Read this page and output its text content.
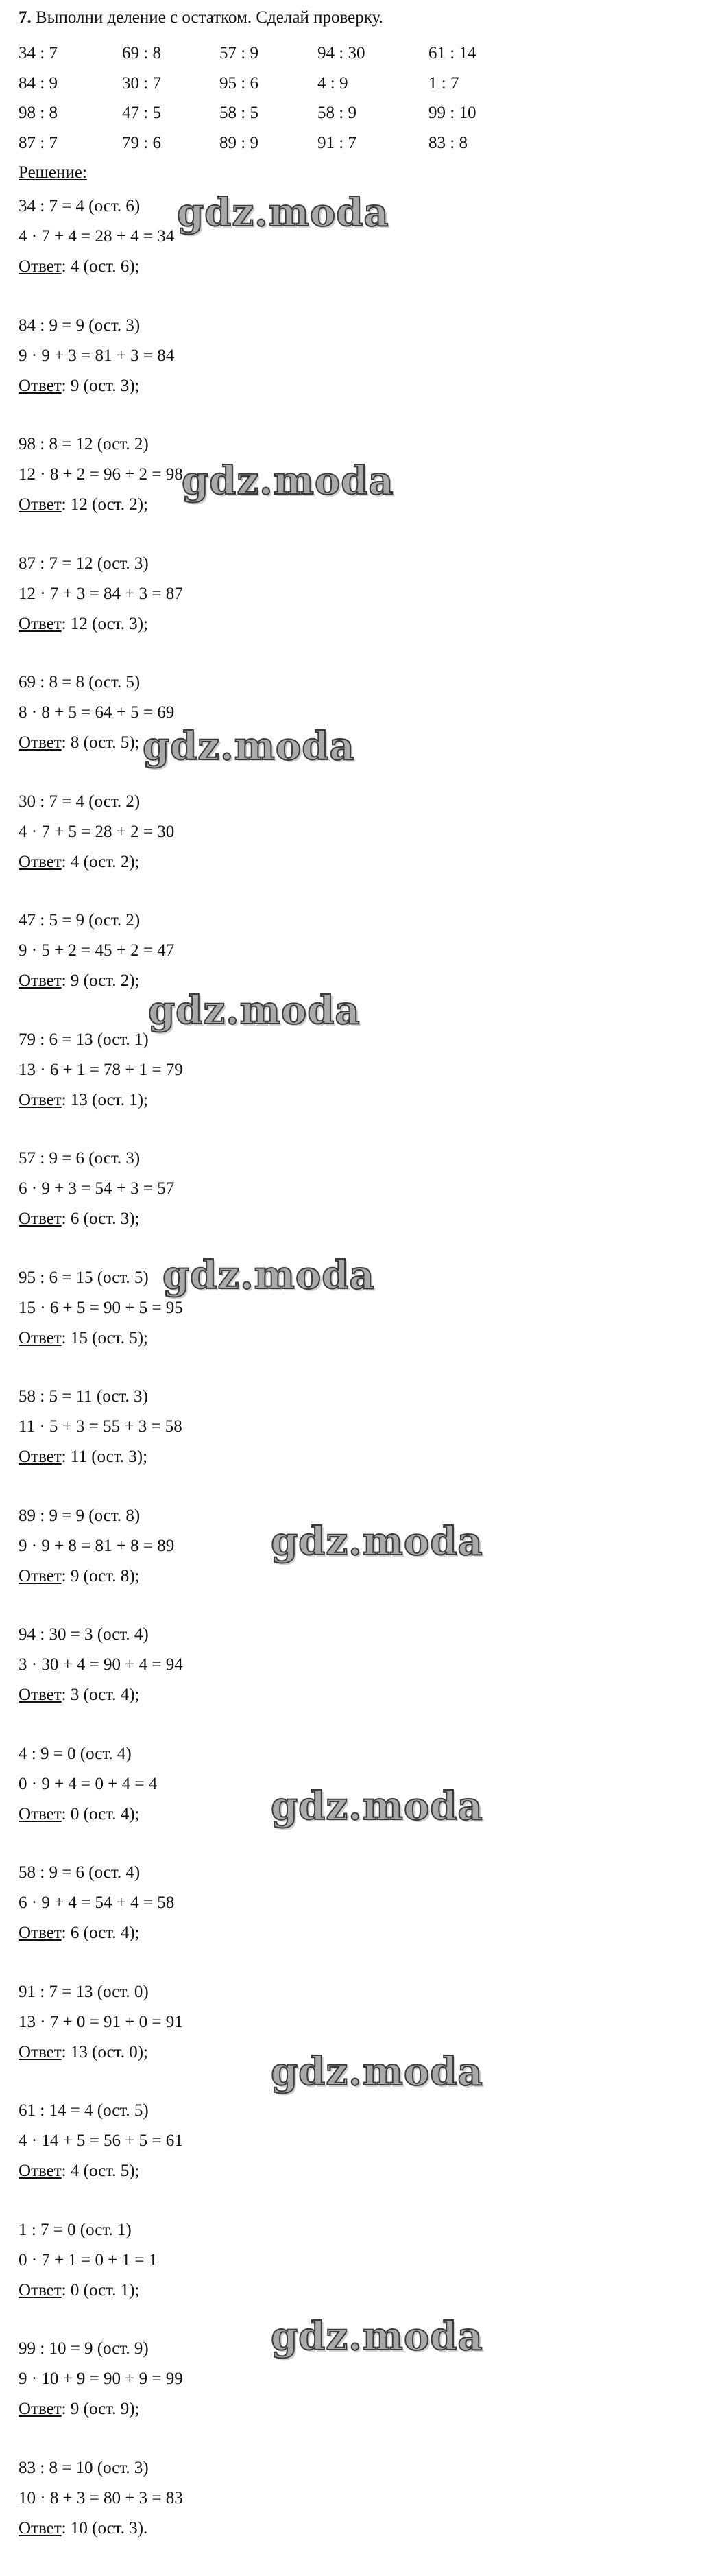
7. Выполни деление с остатком. Сделай проверку.
34 : 7	69 : 8	57 : 9	94 : 30	61 : 14
84 : 9	30 : 7	95 : 6	4 : 9	1 : 7
98 : 8	47 : 5	58 : 5	58 : 9	99 : 10
87 : 7	79 : 6	89 : 9	91 : 7	83 : 8
Решение:
34 : 7 = 4 (ост. 6)
4 · 7 + 4 = 28 + 4 = 34
Ответ: 4 (ост. 6);
84 : 9 = 9 (ост. 3)
9 · 9 + 3 = 81 + 3 = 84
Ответ: 9 (ост. 3);
98 : 8 = 12 (ост. 2)
12 · 8 + 2 = 96 + 2 = 98
Ответ: 12 (ост. 2);
87 : 7 = 12 (ост. 3)
12 · 7 + 3 = 84 + 3 = 87
Ответ: 12 (ост. 3);
69 : 8 = 8 (ост. 5)
8 · 8 + 5 = 64 + 5 = 69
Ответ: 8 (ост. 5);
30 : 7 = 4 (ост. 2)
4 · 7 + 5 = 28 + 2 = 30
Ответ: 4 (ост. 2);
47 : 5 = 9 (ост. 2)
9 · 5 + 2 = 45 + 2 = 47
Ответ: 9 (ост. 2);
79 : 6 = 13 (ост. 1)
13 · 6 + 1 = 78 + 1 = 79
Ответ: 13 (ост. 1);
57 : 9 = 6 (ост. 3)
6 · 9 + 3 = 54 + 3 = 57
Ответ: 6 (ост. 3);
95 : 6 = 15 (ост. 5)
15 · 6 + 5 = 90 + 5 = 95
Ответ: 15 (ост. 5);
58 : 5 = 11 (ост. 3)
11 · 5 + 3 = 55 + 3 = 58
Ответ: 11 (ост. 3);
89 : 9 = 9 (ост. 8)
9 · 9 + 8 = 81 + 8 = 89
Ответ: 9 (ост. 8);
94 : 30 = 3 (ост. 4)
3 · 30 + 4 = 90 + 4 = 94
Ответ: 3 (ост. 4);
4 : 9 = 0 (ост. 4)
0 · 9 + 4 = 0 + 4 = 4
Ответ: 0 (ост. 4);
58 : 9 = 6 (ост. 4)
6 · 9 + 4 = 54 + 4 = 58
Ответ: 6 (ост. 4);
91 : 7 = 13 (ост. 0)
13 · 7 + 0 = 91 + 0 = 91
Ответ: 13 (ост. 0);
61 : 14 = 4 (ост. 5)
4 · 14 + 5 = 56 + 5 = 61
Ответ: 4 (ост. 5);
1 : 7 = 0 (ост. 1)
0 · 7 + 1 = 0 + 1 = 1
Ответ: 0 (ост. 1);
99 : 10 = 9 (ост. 9)
9 · 10 + 9 = 90 + 9 = 99
Ответ: 9 (ост. 9);
83 : 8 = 10 (ост. 3)
10 · 8 + 3 = 80 + 3 = 83
Ответ: 10 (ост. 3).
gdz.moda
gdz.moda
gdz.moda
gdz.moda
gdz.moda
gdz.moda
gdz.moda
gdz.moda
gdz.moda
